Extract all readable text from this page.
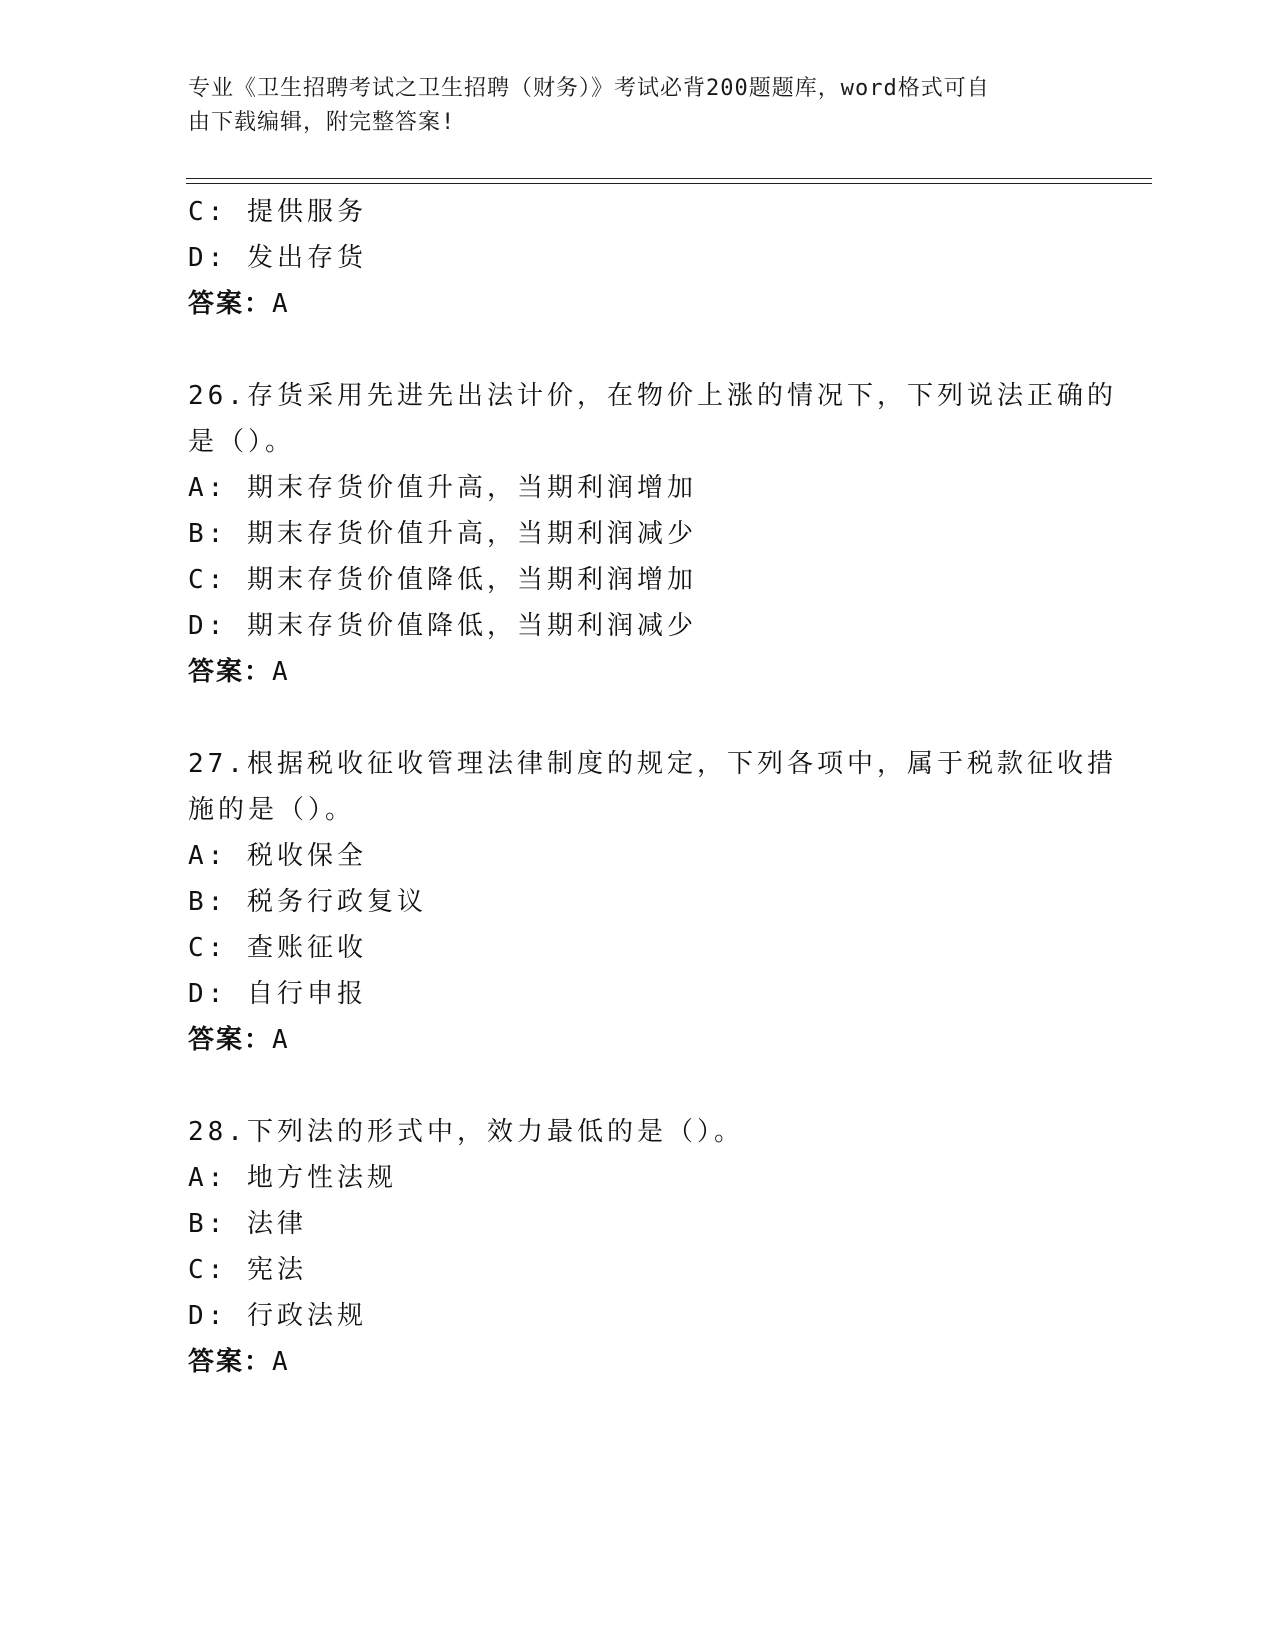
专业《卫生招聘考试之卫生招聘（财务）》考试必背200题题库，word格式可自
由下载编辑，附完整答案!
C: 提供服务
D: 发出存货
答案：A
26.存货采用先进先出法计价，在物价上涨的情况下，下列说法正确的
是（）。
A: 期末存货价值升高，当期利润增加
B: 期末存货价值升高，当期利润减少
C: 期末存货价值降低，当期利润增加
D: 期末存货价值降低，当期利润减少
答案：A
27.根据税收征收管理法律制度的规定，下列各项中，属于税款征收措
施的是（）。
A: 税收保全
B: 税务行政复议
C: 查账征收
D: 自行申报
答案：A
28.下列法的形式中，效力最低的是（）。
A: 地方性法规
B: 法律
C: 宪法
D: 行政法规
答案：A
